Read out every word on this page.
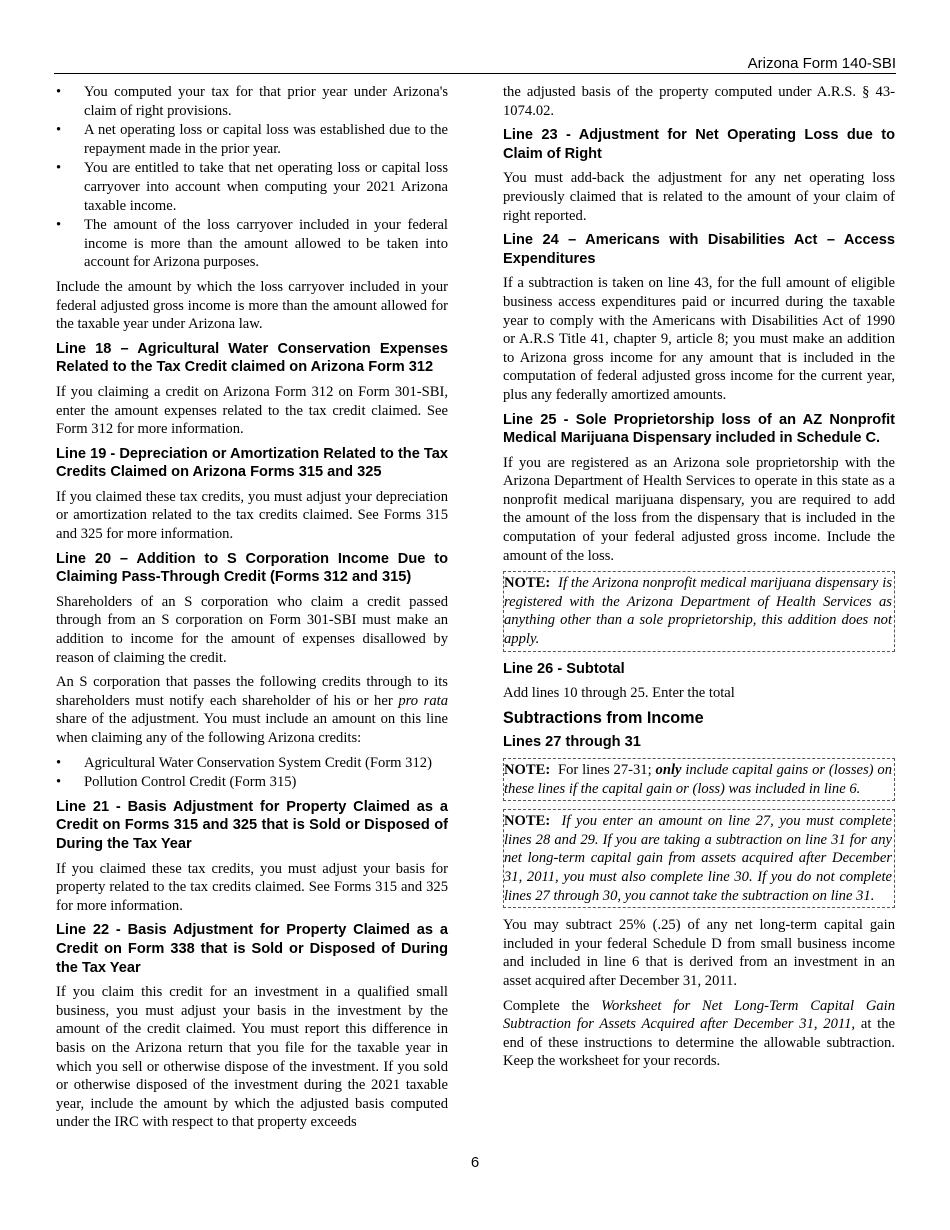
Arizona Form 140-SBI
• You computed your tax for that prior year under Arizona's claim of right provisions.
• A net operating loss or capital loss was established due to the repayment made in the prior year.
• You are entitled to take that net operating loss or capital loss carryover into account when computing your 2021 Arizona taxable income.
• The amount of the loss carryover included in your federal income is more than the amount allowed to be taken into account for Arizona purposes.

Include the amount by which the loss carryover included in your federal adjusted gross income is more than the amount allowed for the taxable year under Arizona law.

Line 18 – Agricultural Water Conservation Expenses Related to the Tax Credit claimed on Arizona Form 312

If you claiming a credit on Arizona Form 312 on Form 301-SBI, enter the amount expenses related to the tax credit claimed. See Form 312 for more information.

Line 19 - Depreciation or Amortization Related to the Tax Credits Claimed on Arizona Forms 315 and 325

If you claimed these tax credits, you must adjust your depreciation or amortization related to the tax credits claimed. See Forms 315 and 325 for more information.

Line 20 – Addition to S Corporation Income Due to Claiming Pass-Through Credit (Forms 312 and 315)

Shareholders of an S corporation who claim a credit passed through from an S corporation on Form 301-SBI must make an addition to income for the amount of expenses disallowed by reason of claiming the credit.

An S corporation that passes the following credits through to its shareholders must notify each shareholder of his or her pro rata share of the adjustment. You must include an amount on this line when claiming any of the following Arizona credits:

• Agricultural Water Conservation System Credit (Form 312)
• Pollution Control Credit (Form 315)
Line 21 - Basis Adjustment for Property Claimed as a Credit on Forms 315 and 325 that is Sold or Disposed of During the Tax Year

If you claimed these tax credits, you must adjust your basis for property related to the tax credits claimed. See Forms 315 and 325 for more information.

Line 22 - Basis Adjustment for Property Claimed as a Credit on Form 338 that is Sold or Disposed of During the Tax Year

If you claim this credit for an investment in a qualified small business, you must adjust your basis in the investment by the amount of the credit claimed. You must report this difference in basis on the Arizona return that you file for the taxable year in which you sell or otherwise dispose of the investment. If you sold or otherwise disposed of the investment during the 2021 taxable year, include the amount by which the adjusted basis computed under the IRC with respect to that property exceeds

the adjusted basis of the property computed under A.R.S. § 43-1074.02.

Line 23 - Adjustment for Net Operating Loss due to Claim of Right

You must add-back the adjustment for any net operating loss previously claimed that is related to the amount of your claim of right reported.

Line 24 – Americans with Disabilities Act – Access Expenditures

If a subtraction is taken on line 43, for the full amount of eligible business access expenditures paid or incurred during the taxable year to comply with the Americans with Disabilities Act of 1990 or A.R.S Title 41, chapter 9, article 8; you must make an addition to Arizona gross income for any amount that is included in the computation of federal adjusted gross income for the current year, plus any federally amortized amounts.

Line 25 - Sole Proprietorship loss of an AZ Nonprofit Medical Marijuana Dispensary included in Schedule C.

If you are registered as an Arizona sole proprietorship with the Arizona Department of Health Services to operate in this state as a nonprofit medical marijuana dispensary, you are required to add the amount of the loss from the dispensary that is included in the computation of your federal adjusted gross income. Include the amount of the loss.

NOTE: If the Arizona nonprofit medical marijuana dispensary is registered with the Arizona Department of Health Services as anything other than a sole proprietorship, this addition does not apply.
Line 26 - Subtotal

Add lines 10 through 25. Enter the total

Subtractions from Income
Lines 27 through 31
NOTE: For lines 27-31; only include capital gains or (losses) on these lines if the capital gain or (loss) was included in line 6.
NOTE: If you enter an amount on line 27, you must complete lines 28 and 29. If you are taking a subtraction on line 31 for any net long-term capital gain from assets acquired after December 31, 2011, you must also complete line 30. If you do not complete lines 27 through 30, you cannot take the subtraction on line 31.

You may subtract 25% (.25) of any net long-term capital gain included in your federal Schedule D from small business income and included in line 6 that is derived from an investment in an asset acquired after December 31, 2011.

Complete the Worksheet for Net Long-Term Capital Gain Subtraction for Assets Acquired after December 31, 2011, at the end of these instructions to determine the allowable subtraction. Keep the worksheet for your records.

6
